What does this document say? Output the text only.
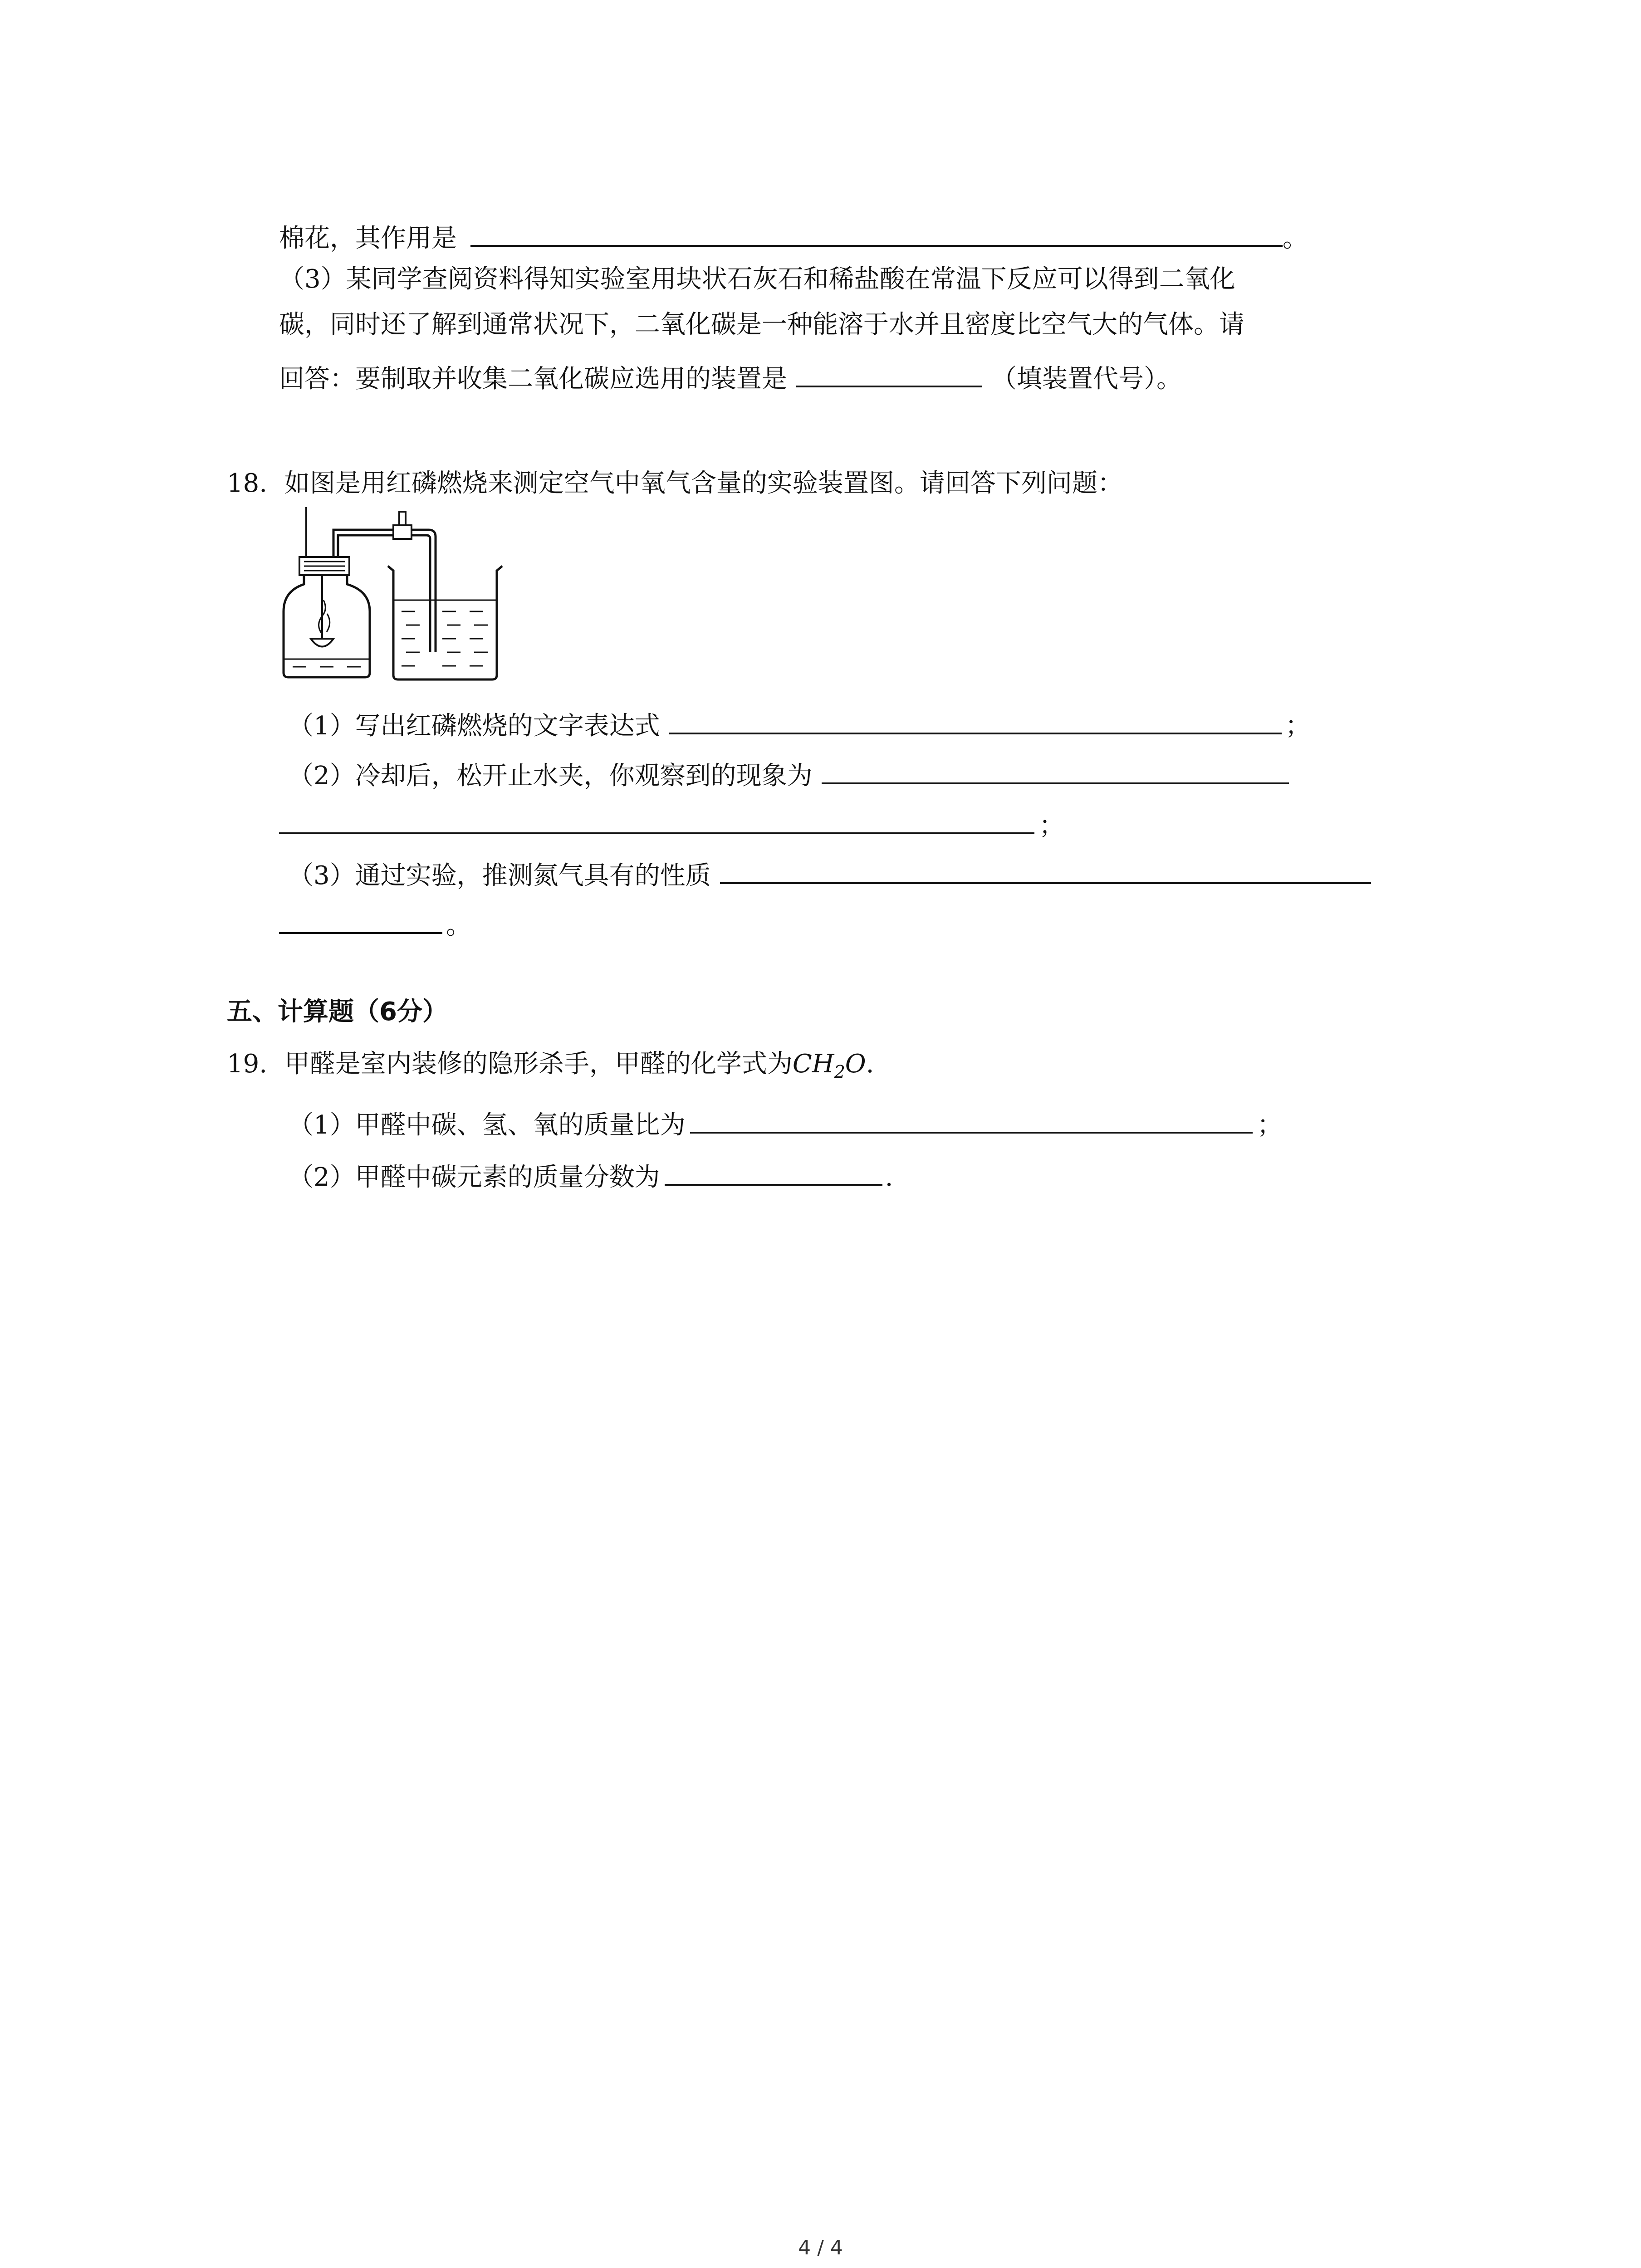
棉花，其作用是	。
（3）某同学查阅资料得知实验室用块状石灰石和稀盐酸在常温下反应可以得到二氧化
碳，同时还了解到通常状况下，二氧化碳是一种能溶于水并且密度比空气大的气体。请
回答：要制取并收集二氧化碳应选用的装置是	（填装置代号）。
18. 如图是用红磷燃烧来测定空气中氧气含量的实验装置图。请回答下列问题：
（1）写出红磷燃烧的文字表达式	；
（2）冷却后，松开止水夹，你观察到的现象为
；
（3）通过实验，推测氮气具有的性质
。
五、计算题（6分）
19. 甲醛是室内装修的隐形杀手，甲醛的化学式为$CH_2O$.
（1）甲醛中碳、氢、氧的质量比为	；
（2）甲醛中碳元素的质量分数为	.
4 / 4
